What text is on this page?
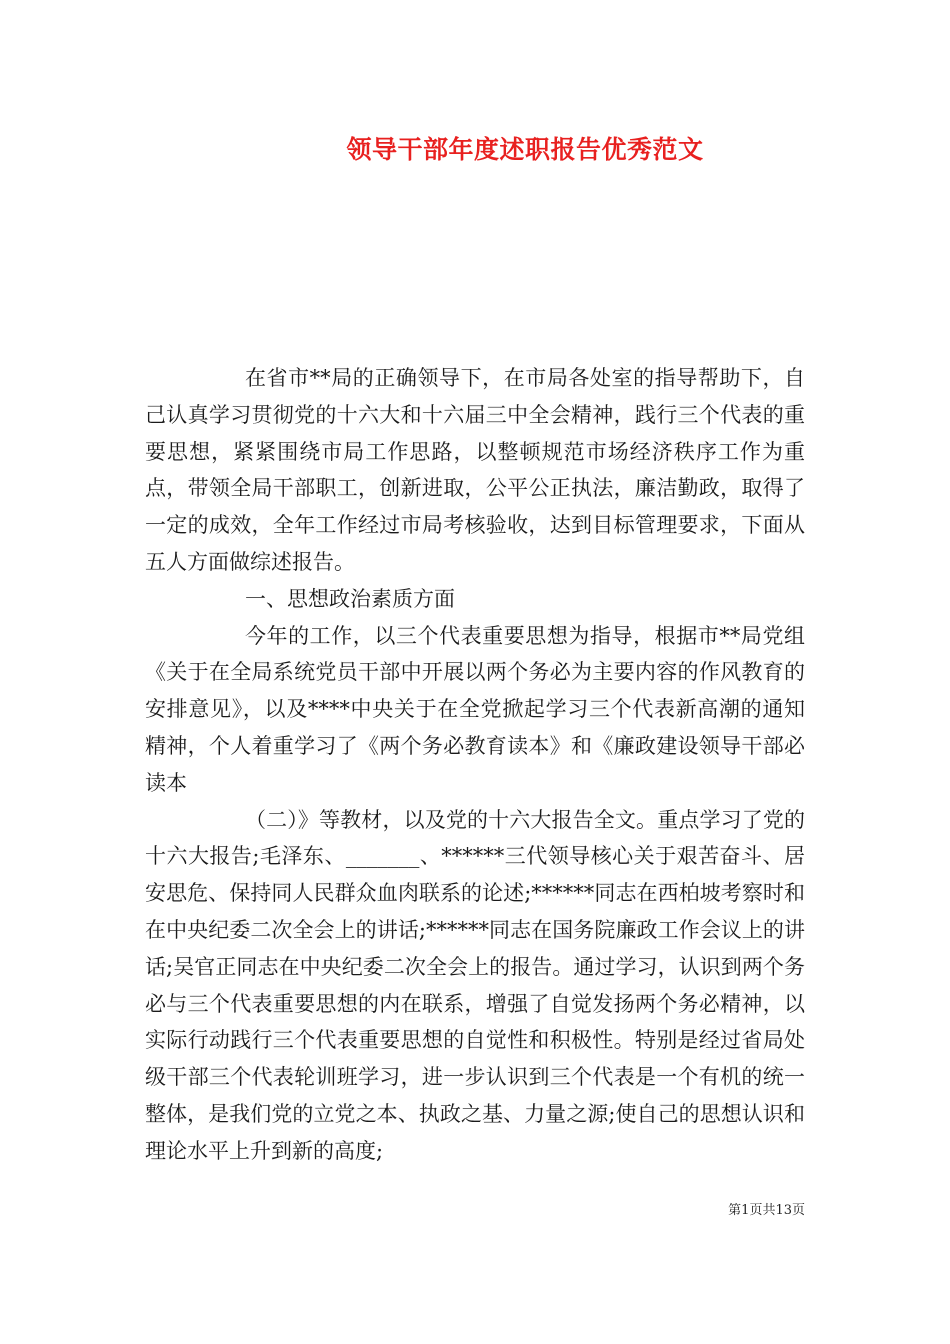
领导干部年度述职报告优秀范文

在省市**局的正确领导下，在市局各处室的指导帮助下，自己认真学习贯彻党的十六大和十六届三中全会精神，践行三个代表的重要思想，紧紧围绕市局工作思路，以整顿规范市场经济秩序工作为重点，带领全局干部职工，创新进取，公平公正执法，廉洁勤政，取得了一定的成效，全年工作经过市局考核验收，达到目标管理要求，下面从五人方面做综述报告。

一、思想政治素质方面

今年的工作，以三个代表重要思想为指导，根据市**局党组《关于在全局系统党员干部中开展以两个务必为主要内容的作风教育的安排意见》，以及****中央关于在全党掀起学习三个代表新高潮的通知精神，个人着重学习了《两个务必教育读本》和《廉政建设领导干部必读本

（二）》等教材，以及党的十六大报告全文。重点学习了党的十六大报告;毛泽东、_______、******三代领导核心关于艰苦奋斗、居安思危、保持同人民群众血肉联系的论述;******同志在西柏坡考察时和在中央纪委二次全会上的讲话;******同志在国务院廉政工作会议上的讲话;吴官正同志在中央纪委二次全会上的报告。通过学习，认识到两个务必与三个代表重要思想的内在联系，增强了自觉发扬两个务必精神，以实际行动践行三个代表重要思想的自觉性和积极性。特别是经过省局处级干部三个代表轮训班学习，进一步认识到三个代表是一个有机的统一整体，是我们党的立党之本、执政之基、力量之源;使自己的思想认识和理论水平上升到新的高度;

第1页共13页
